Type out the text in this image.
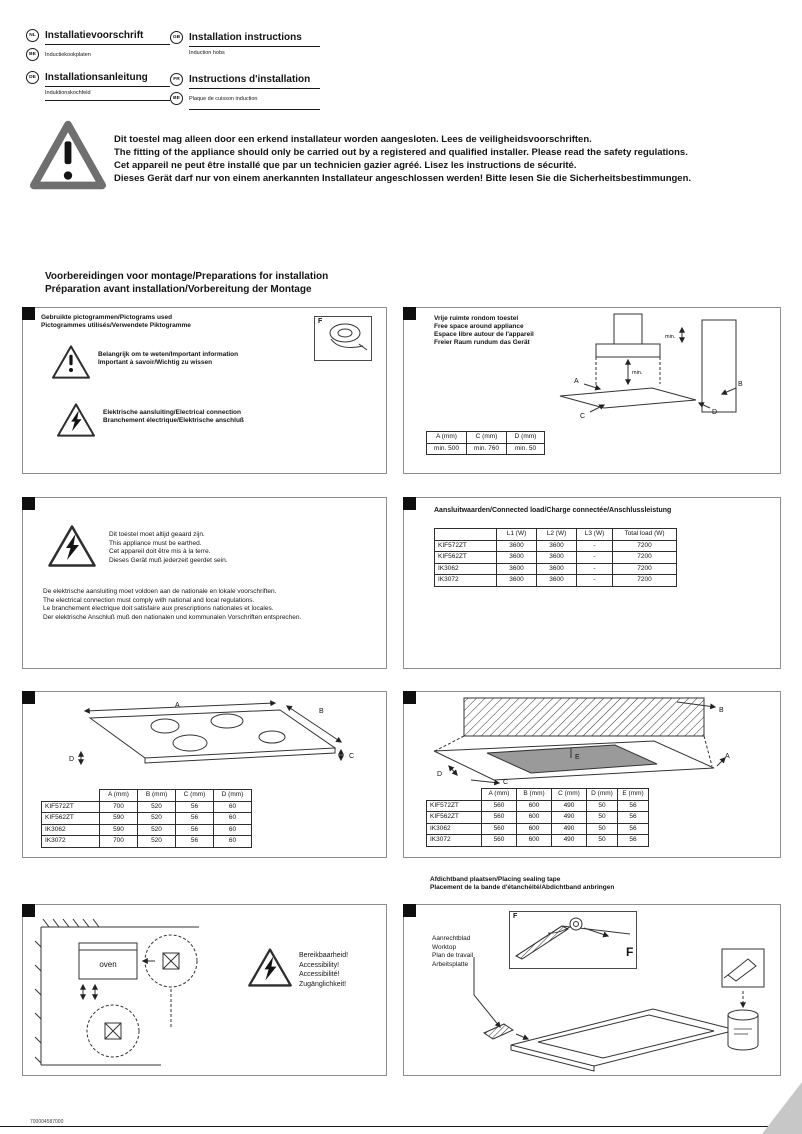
NL Installatievoorschrift
BE	Inductiekookplaten
GB Installation instructions
Induction hobs
DE Installationsanleitung
Induktionskochfeld
FR Instructions d'installation
BE	Plaque de cuisson induction
Dit toestel mag alleen door een erkend installateur worden aangesloten. Lees de veiligheidsvoorschriften.
The fitting of the appliance should only be carried out by a registered and qualified installer. Please read the safety regulations.
Cet appareil ne peut être installé que par un technicien gazier agréé. Lisez les instructions de sécurité.
Dieses Gerät darf nur von einem anerkannten Installateur angeschlossen werden! Bitte lesen Sie die Sicherheitsbestimmungen.
Voorbereidingen voor montage/Preparations for installation
Préparation avant installation/Vorbereitung der Montage
Gebruikte pictogrammen/Pictograms used
Pictogrammes utilisés/Verwendete Piktogramme
F
Belangrijk om te weten/Important information
Important à savoir/Wichtig zu wissen
Elektrische aansluiting/Electrical connection
Branchement électrique/Elektrische anschluß
Vrije ruimte rondom toestel
Free space around appliance
Espace libre autour de l'appareil
Freier Raum rundum das Gerät
min.
min.
A	B
C
D
A (mm)	C (mm)	D (mm)
min. 500	min. 760	min. 50
Dit toestel moet altijd geaard zijn.
This appliance must be earthed.
Cet appareil doit être mis à la terre.
Dieses Gerät muß jederzeit geerdet sein.
De elektrische aansluiting moet voldoen aan de nationale en lokale voorschriften.
The electrical connection must comply with national and local regulations.
Le branchement électrique doit satisfaire aux prescriptions nationales et locales.
Der elektrische Anschluß muß den nationalen und kommunalen Vorschriften entsprechen.
Aansluitwaarden/Connected load/Charge connectée/Anschlussleistung
	L1 (W)	L2 (W)	L3 (W)	Total load (W)
KIF572ZT	3600	3600	-	7200
KIF562ZT	3600	3600	-	7200
IK3062	3600	3600	-	7200
IK3072	3600	3600	-	7200
A
B
C
D
	A (mm)	B (mm)	C (mm)	D (mm)
KIF572ZT	700	520	56	60
KIF562ZT	590	520	56	60
IK3062	590	520	56	60
IK3072	700	520	56	60
B
A
E
C
D
	A (mm)	B (mm)	C (mm)	D (mm)	E (mm)
KIF572ZT	560	600	490	50	56
KIF562ZT	560	600	490	50	56
IK3062	560	600	490	50	56
IK3072	560	600	490	50	56
Afdichtband plaatsen/Placing sealing tape
Placement de la bande d'étanchéité/Abdichtband anbringen
oven
Bereikbaarheid!
Accessibility!
Accessibilité!
Zugänglichkeit!
Aanrechtblad
Worktop
Plan de travail
Arbeitsplatte
F
F
700004587000
